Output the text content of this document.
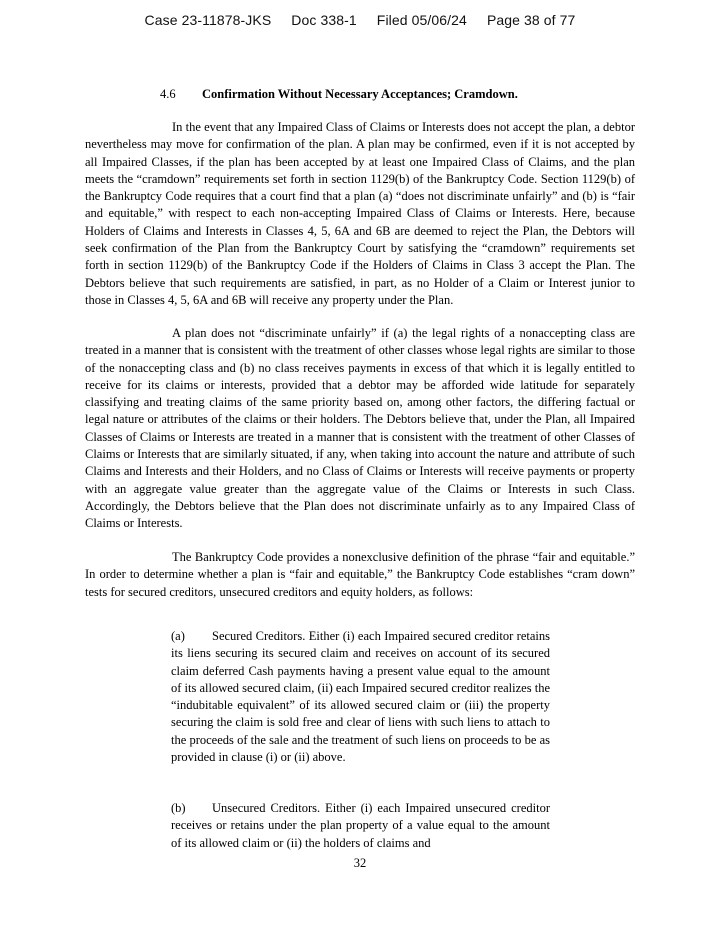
Case 23-11878-JKS Doc 338-1 Filed 05/06/24 Page 38 of 77
4.6 Confirmation Without Necessary Acceptances; Cramdown.

In the event that any Impaired Class of Claims or Interests does not accept the plan, a debtor nevertheless may move for confirmation of the plan. A plan may be confirmed, even if it is not accepted by all Impaired Classes, if the plan has been accepted by at least one Impaired Class of Claims, and the plan meets the “cramdown” requirements set forth in section 1129(b) of the Bankruptcy Code. Section 1129(b) of the Bankruptcy Code requires that a court find that a plan (a) “does not discriminate unfairly” and (b) is “fair and equitable,” with respect to each non-accepting Impaired Class of Claims or Interests. Here, because Holders of Claims and Interests in Classes 4, 5, 6A and 6B are deemed to reject the Plan, the Debtors will seek confirmation of the Plan from the Bankruptcy Court by satisfying the “cramdown” requirements set forth in section 1129(b) of the Bankruptcy Code if the Holders of Claims in Class 3 accept the Plan. The Debtors believe that such requirements are satisfied, in part, as no Holder of a Claim or Interest junior to those in Classes 4, 5, 6A and 6B will receive any property under the Plan.

A plan does not “discriminate unfairly” if (a) the legal rights of a nonaccepting class are treated in a manner that is consistent with the treatment of other classes whose legal rights are similar to those of the nonaccepting class and (b) no class receives payments in excess of that which it is legally entitled to receive for its claims or interests, provided that a debtor may be afforded wide latitude for separately classifying and treating claims of the same priority based on, among other factors, the differing factual or legal nature or attributes of the claims or their holders. The Debtors believe that, under the Plan, all Impaired Classes of Claims or Interests are treated in a manner that is consistent with the treatment of other Classes of Claims or Interests that are similarly situated, if any, when taking into account the nature and attribute of such Claims and Interests and their Holders, and no Class of Claims or Interests will receive payments or property with an aggregate value greater than the aggregate value of the Claims or Interests in such Class. Accordingly, the Debtors believe that the Plan does not discriminate unfairly as to any Impaired Class of Claims or Interests.

The Bankruptcy Code provides a nonexclusive definition of the phrase “fair and equitable.” In order to determine whether a plan is “fair and equitable,” the Bankruptcy Code establishes “cram down” tests for secured creditors, unsecured creditors and equity holders, as follows:

(a) Secured Creditors. Either (i) each Impaired secured creditor retains its liens securing its secured claim and receives on account of its secured claim deferred Cash payments having a present value equal to the amount of its allowed secured claim, (ii) each Impaired secured creditor realizes the “indubitable equivalent” of its allowed secured claim or (iii) the property securing the claim is sold free and clear of liens with such liens to attach to the proceeds of the sale and the treatment of such liens on proceeds to be as provided in clause (i) or (ii) above.

(b) Unsecured Creditors. Either (i) each Impaired unsecured creditor receives or retains under the plan property of a value equal to the amount of its allowed claim or (ii) the holders of claims and

32
